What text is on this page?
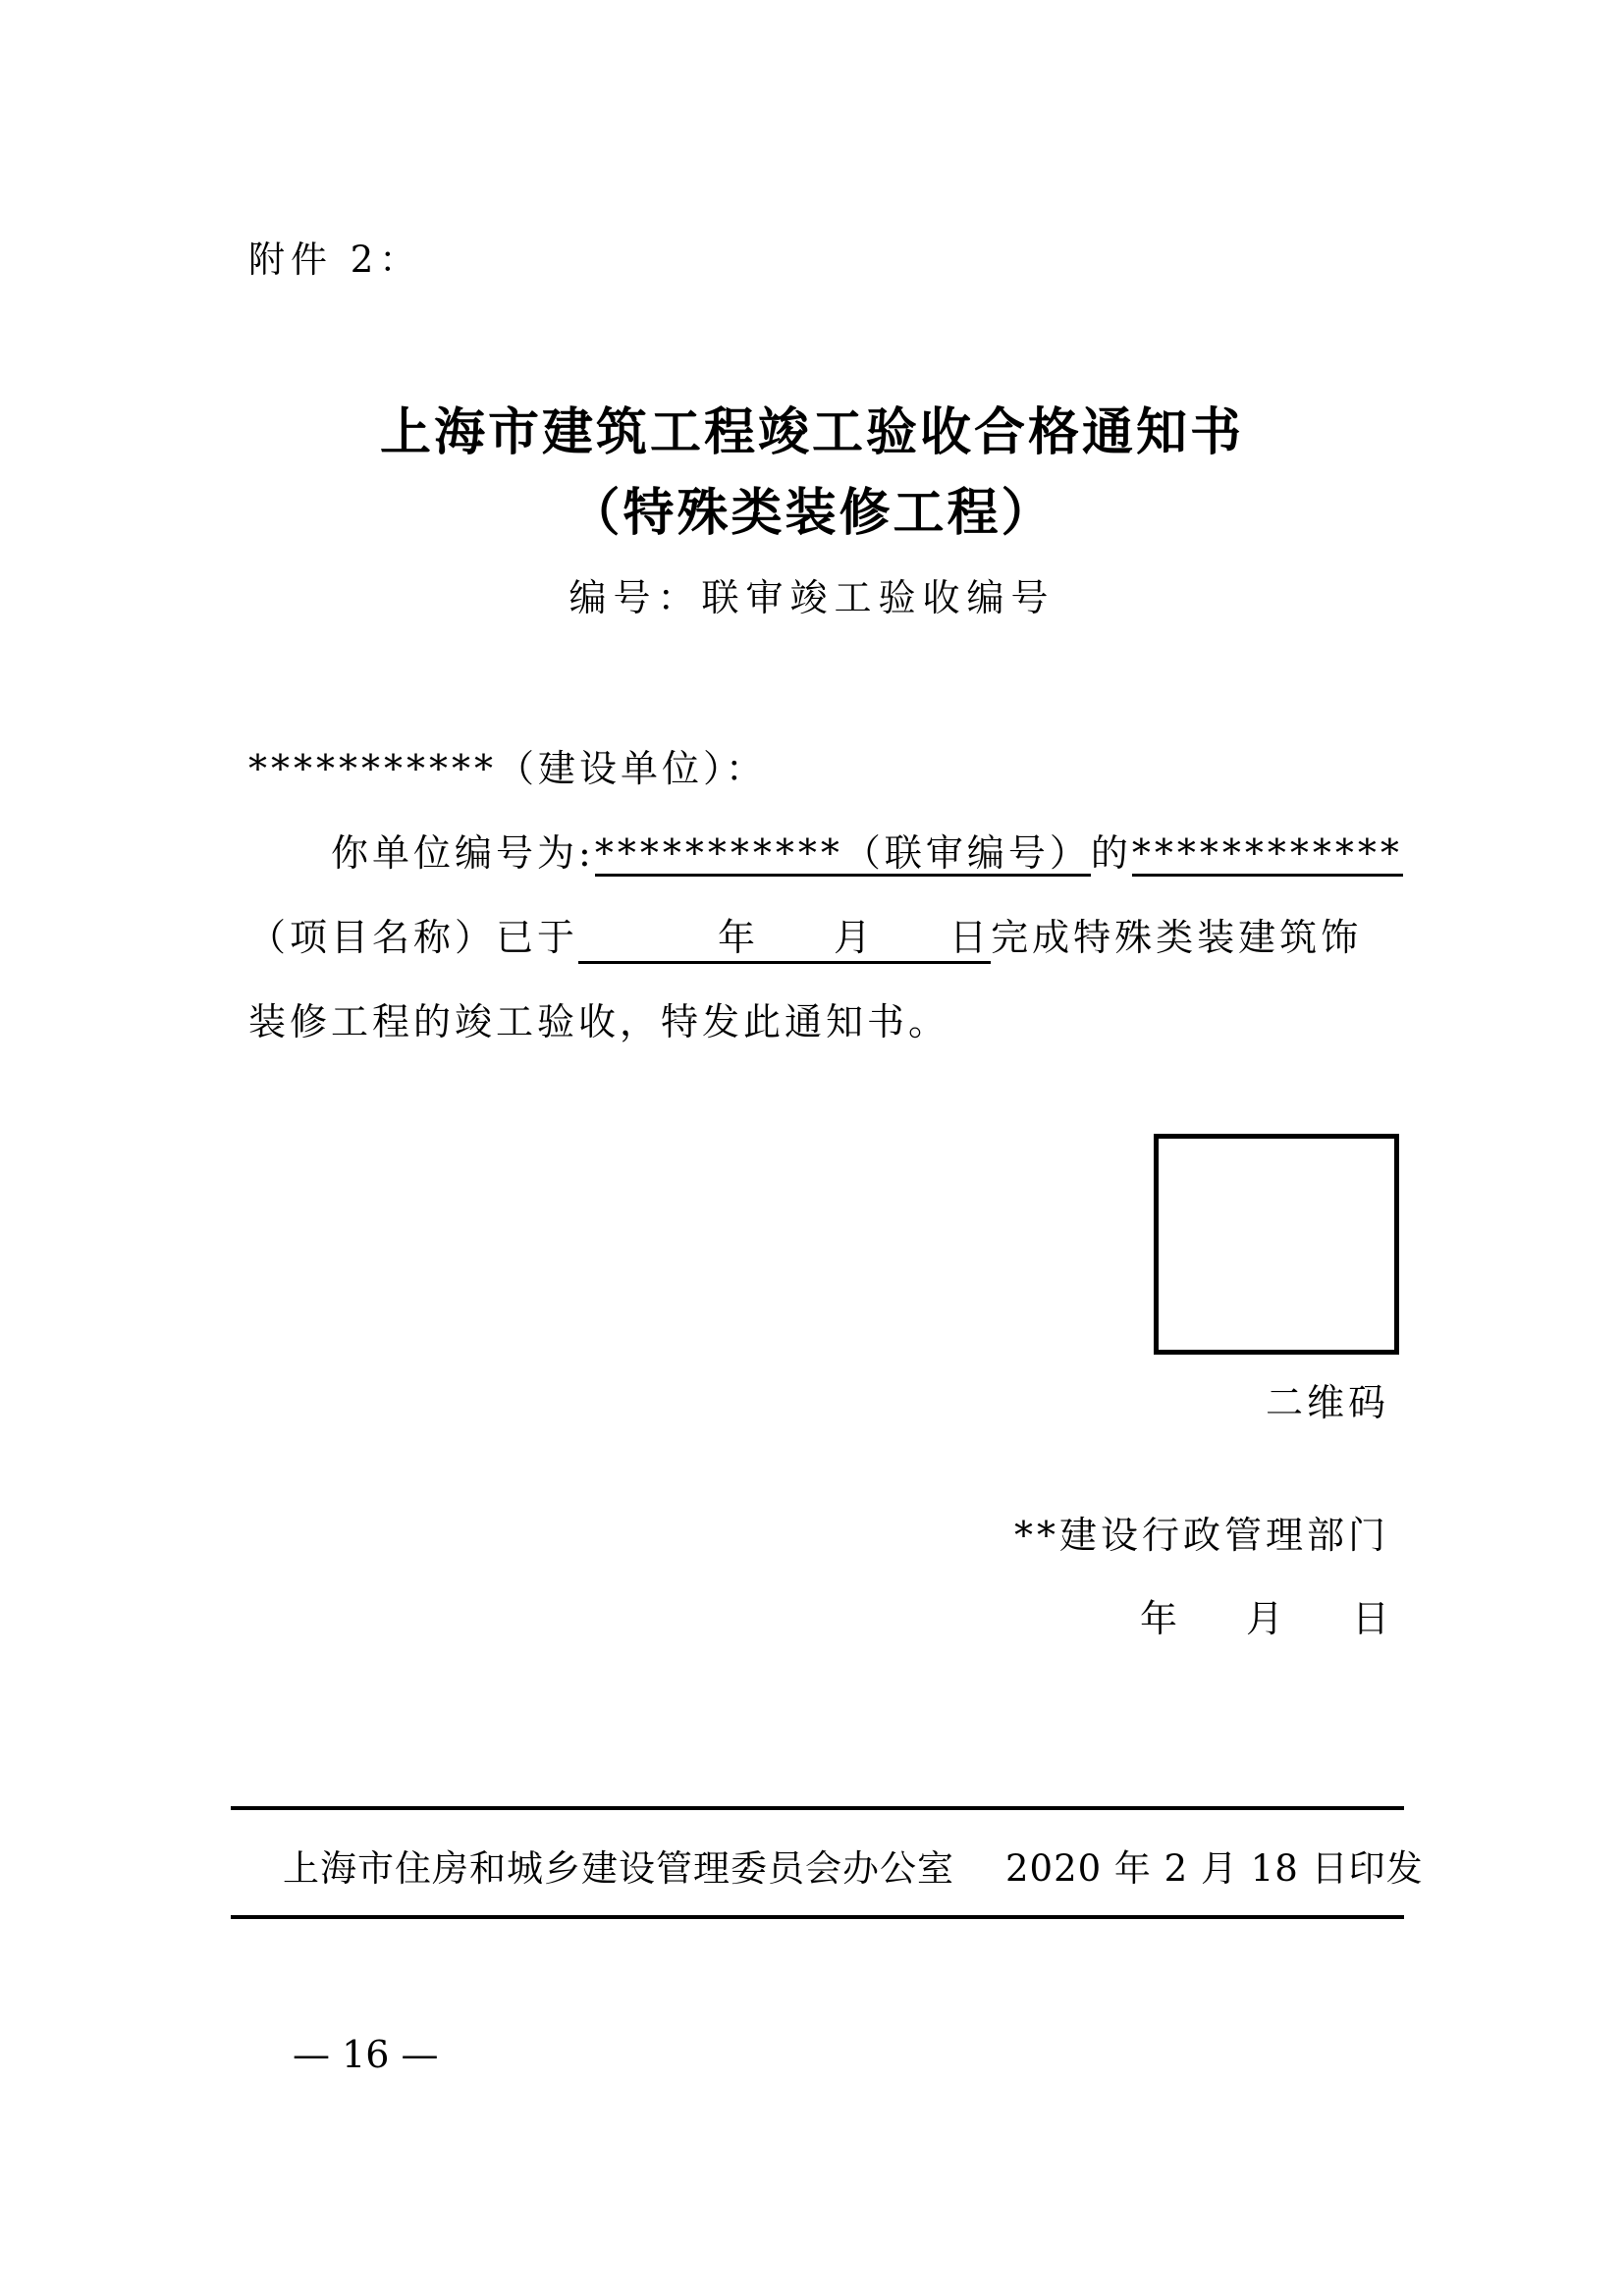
附件 2：
上海市建筑工程竣工验收合格通知书
（特殊类装修工程）
编号：联审竣工验收编号
***********（建设单位）：
你单位编号为:***********（联审编号）的************
（项目名称）已于	年 月 日完成特殊类装建筑饰
装修工程的竣工验收，特发此通知书。
二维码
**建设行政管理部门
年 月 日
上海市住房和城乡建设管理委员会办公室 2020 年 2 月 18 日印发
— 16 —
